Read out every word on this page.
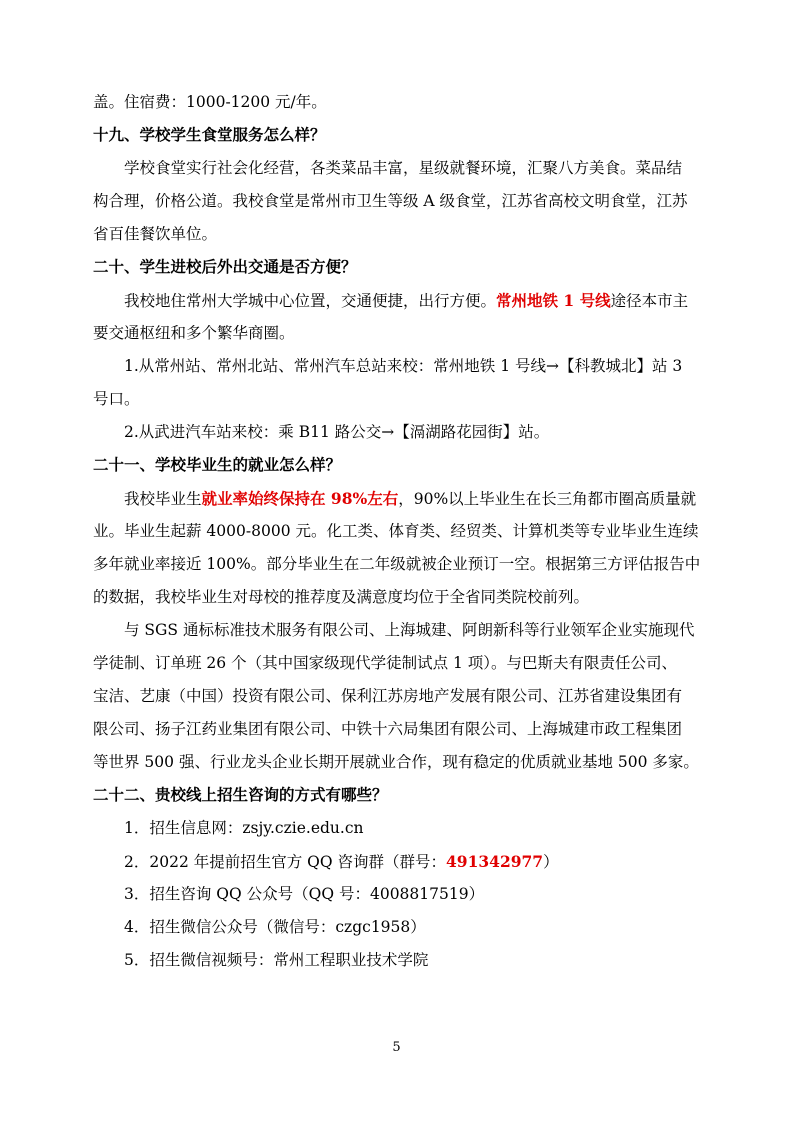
盖。住宿费：1000-1200 元/年。
十九、学校学生食堂服务怎么样？
学校食堂实行社会化经营，各类菜品丰富，星级就餐环境，汇聚八方美食。菜品结
构合理，价格公道。我校食堂是常州市卫生等级 A 级食堂，江苏省高校文明食堂，江苏
省百佳餐饮单位。
二十、学生进校后外出交通是否方便？
我校地住常州大学城中心位置，交通便捷，出行方便。常州地铁 1 号线途径本市主
要交通枢纽和多个繁华商圈。
1.从常州站、常州北站、常州汽车总站来校：常州地铁 1 号线→【科教城北】站 3
号口。
2.从武进汽车站来校：乘 B11 路公交→【滆湖路花园街】站。
二十一、学校毕业生的就业怎么样？
我校毕业生就业率始终保持在 98%左右，90%以上毕业生在长三角都市圈高质量就
业。毕业生起薪 4000-8000 元。化工类、体育类、经贸类、计算机类等专业毕业生连续
多年就业率接近 100%。部分毕业生在二年级就被企业预订一空。根据第三方评估报告中
的数据，我校毕业生对母校的推荐度及满意度均位于全省同类院校前列。
与 SGS 通标标准技术服务有限公司、上海城建、阿朗新科等行业领军企业实施现代
学徒制、订单班 26 个（其中国家级现代学徒制试点 1 项）。与巴斯夫有限责任公司、
宝洁、艺康（中国）投资有限公司、保利江苏房地产发展有限公司、江苏省建设集团有
限公司、扬子江药业集团有限公司、中铁十六局集团有限公司、上海城建市政工程集团
等世界 500 强、行业龙头企业长期开展就业合作，现有稳定的优质就业基地 500 多家。
二十二、贵校线上招生咨询的方式有哪些？
1．招生信息网：zsjy.czie.edu.cn
2．2022 年提前招生官方 QQ 咨询群（群号：491342977）
3．招生咨询 QQ 公众号（QQ 号：4008817519）
4．招生微信公众号（微信号：czgc1958）
5．招生微信视频号：常州工程职业技术学院
5
